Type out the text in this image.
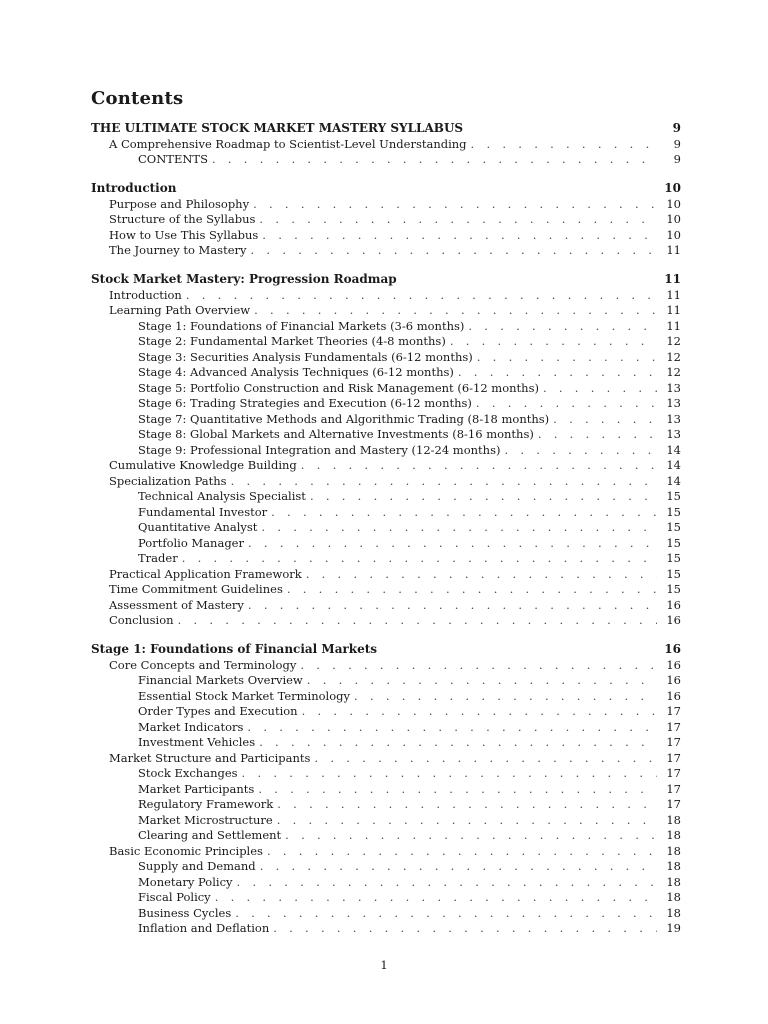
Contents
THE ULTIMATE STOCK MARKET MASTERY SYLLABUS	9
A Comprehensive Roadmap to Scientist-Level Understanding . . .	9
CONTENTS . . .	9
Introduction	10
Purpose and Philosophy . . .	10
Structure of the Syllabus . . .	10
How to Use This Syllabus . . .	10
The Journey to Mastery . . .	11
Stock Market Mastery: Progression Roadmap	11
Introduction . . .	11
Learning Path Overview . . .	11
Stage 1: Foundations of Financial Markets (3-6 months) . . .	11
Stage 2: Fundamental Market Theories (4-8 months) . . .	12
Stage 3: Securities Analysis Fundamentals (6-12 months) . . .	12
Stage 4: Advanced Analysis Techniques (6-12 months) . . .	12
Stage 5: Portfolio Construction and Risk Management (6-12 months) . . .	13
Stage 6: Trading Strategies and Execution (6-12 months) . . .	13
Stage 7: Quantitative Methods and Algorithmic Trading (8-18 months) . . .	13
Stage 8: Global Markets and Alternative Investments (8-16 months) . . .	13
Stage 9: Professional Integration and Mastery (12-24 months) . . .	14
Cumulative Knowledge Building . . .	14
Specialization Paths . . .	14
Technical Analysis Specialist . . .	15
Fundamental Investor . . .	15
Quantitative Analyst . . .	15
Portfolio Manager . . .	15
Trader . . .	15
Practical Application Framework . . .	15
Time Commitment Guidelines . . .	15
Assessment of Mastery . . .	16
Conclusion . . .	16
Stage 1: Foundations of Financial Markets	16
Core Concepts and Terminology . . .	16
Financial Markets Overview . . .	16
Essential Stock Market Terminology . . .	16
Order Types and Execution . . .	17
Market Indicators . . .	17
Investment Vehicles . . .	17
Market Structure and Participants . . .	17
Stock Exchanges . . .	17
Market Participants . . .	17
Regulatory Framework . . .	17
Market Microstructure . . .	18
Clearing and Settlement . . .	18
Basic Economic Principles . . .	18
Supply and Demand . . .	18
Monetary Policy . . .	18
Fiscal Policy . . .	18
Business Cycles . . .	18
Inflation and Deflation . . .	19
1
